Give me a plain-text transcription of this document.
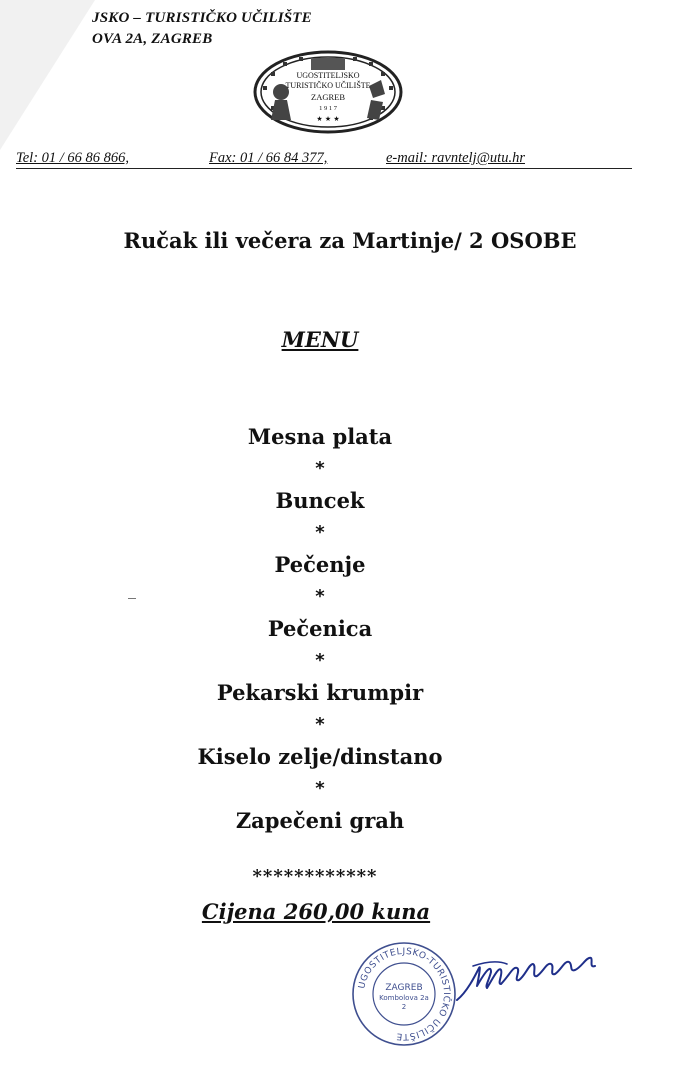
JSKO – TURISTIČKO UČILIŠTE
OVA 2A, ZAGREB
UGOSTITELJSKO
TURISTIČKO UČILIŠTE
ZAGREB
1 9 1 7
★ ★ ★
Tel: 01 / 66 86 866,	Fax: 01 / 66 84 377,	e-mail: ravntelj@utu.hr
Ručak ili večera za Martinje/ 2 OSOBE
MENU
Mesna plata
*
Buncek
*
Pečenje
*
Pečenica
*
Pekarski krumpir
*
Kiselo zelje/dinstano
*
Zapečeni grah
************
Cijena 260,00 kuna
UGOSTITELJSKO-TURISTIČKO UČILIŠTE
ZAGREB
Kombolova 2a
2
